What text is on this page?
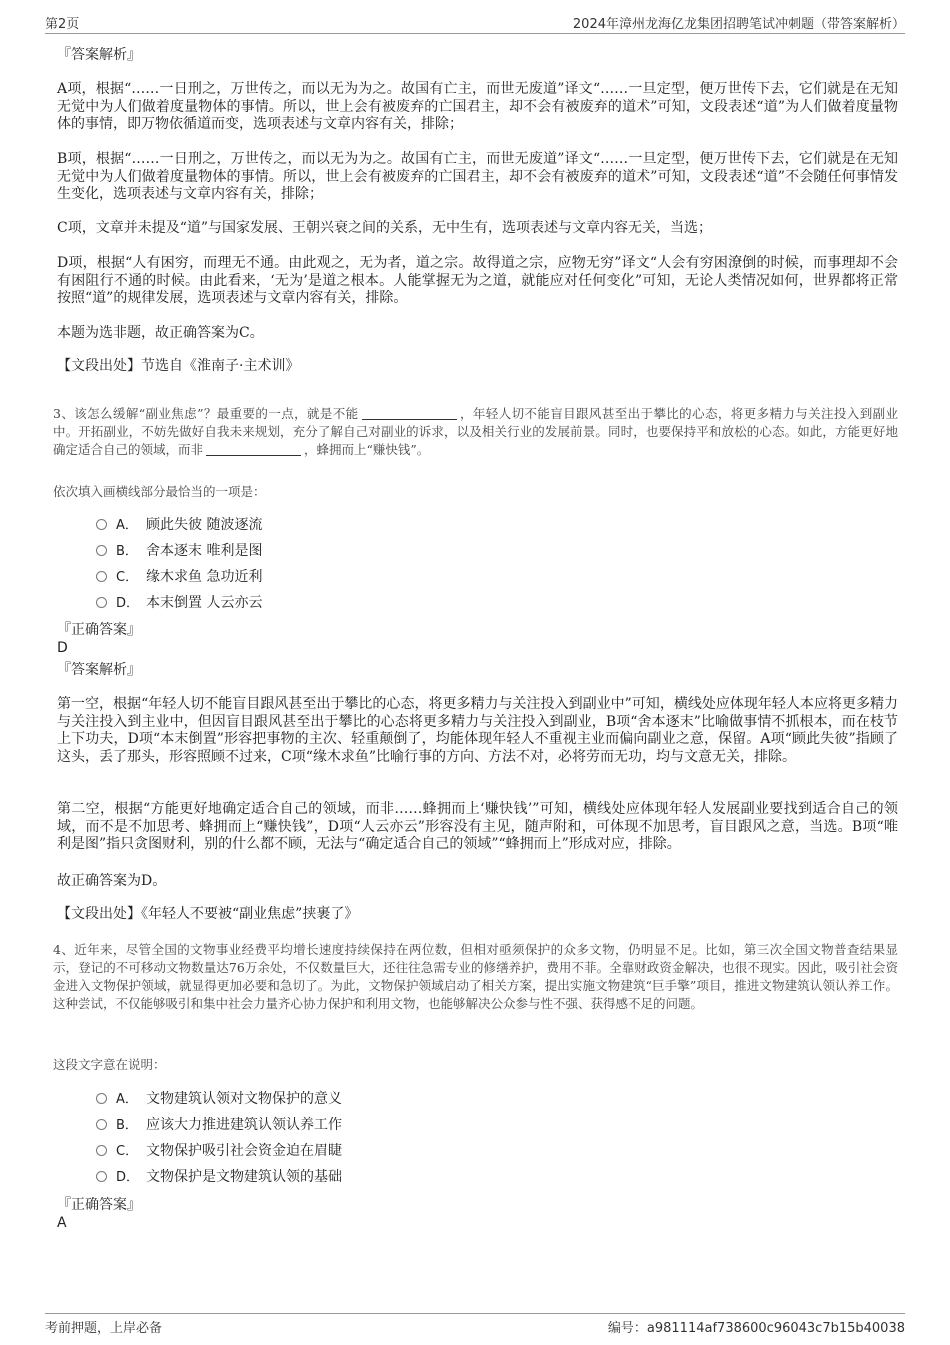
第2页	2024年漳州龙海亿龙集团招聘笔试冲刺题（带答案解析）
『答案解析』
A项，根据“……一日刑之，万世传之，而以无为为之。故国有亡主，而世无废道”译文“……一旦定型，便万世传下去，它们就是在无知无觉中为人们做着度量物体的事情。所以，世上会有被废弃的亡国君主，却不会有被废弃的道术”可知，文段表述“道”为人们做着度量物体的事情，即万物依循道而变，选项表述与文章内容有关，排除；
B项，根据“……一日刑之，万世传之，而以无为为之。故国有亡主，而世无废道”译文“……一旦定型，便万世传下去，它们就是在无知无觉中为人们做着度量物体的事情。所以，世上会有被废弃的亡国君主，却不会有被废弃的道术”可知，文段表述“道”不会随任何事情发生变化，选项表述与文章内容有关，排除；
C项，文章并未提及“道”与国家发展、王朝兴衰之间的关系，无中生有，选项表述与文章内容无关，当选；
D项，根据“人有困穷，而理无不通。由此观之，无为者，道之宗。故得道之宗，应物无穷”译文“人会有穷困潦倒的时候，而事理却不会有困阻行不通的时候。由此看来，‘无为’是道之根本。人能掌握无为之道，就能应对任何变化”可知，无论人类情况如何，世界都将正常按照“道”的规律发展，选项表述与文章内容有关，排除。
本题为选非题，故正确答案为C。
【文段出处】节选自《淮南子·主术训》
3、该怎么缓解“副业焦虑”？最重要的一点，就是不能	，年轻人切不能盲目跟风甚至出于攀比的心态，将更多精力与关注投入到副业中。开拓副业，不妨先做好自我未来规划，充分了解自己对副业的诉求，以及相关行业的发展前景。同时，也要保持平和放松的心态。如此，方能更好地确定适合自己的领域，而非	，蜂拥而上“赚快钱”。
依次填入画横线部分最恰当的一项是：
A． 顾此失彼 随波逐流
B． 舍本逐末 唯利是图
C． 缘木求鱼 急功近利
D． 本末倒置 人云亦云
『正确答案』
D
『答案解析』
第一空，根据“年轻人切不能盲目跟风甚至出于攀比的心态，将更多精力与关注投入到副业中”可知，横线处应体现年轻人本应将更多精力与关注投入到主业中，但因盲目跟风甚至出于攀比的心态将更多精力与关注投入到副业，B项“舍本逐末”比喻做事情不抓根本，而在枝节上下功夫，D项“本末倒置”形容把事物的主次、轻重颠倒了，均能体现年轻人不重视主业而偏向副业之意，保留。A项“顾此失彼”指顾了这头，丢了那头，形容照顾不过来，C项“缘木求鱼”比喻行事的方向、方法不对，必将劳而无功，均与文意无关，排除。
第二空，根据“方能更好地确定适合自己的领域，而非……蜂拥而上‘赚快钱’”可知，横线处应体现年轻人发展副业要找到适合自己的领域，而不是不加思考、蜂拥而上“赚快钱”，D项“人云亦云”形容没有主见，随声附和，可体现不加思考，盲目跟风之意，当选。B项“唯利是图”指只贪图财利，别的什么都不顾，无法与“确定适合自己的领域”“蜂拥而上”形成对应，排除。
故正确答案为D。
【文段出处】《年轻人不要被“副业焦虑”挟裹了》
4、近年来，尽管全国的文物事业经费平均增长速度持续保持在两位数，但相对亟须保护的众多文物，仍明显不足。比如，第三次全国文物普查结果显示，登记的不可移动文物数量达76万余处，不仅数量巨大，还往往急需专业的修缮养护，费用不菲。全靠财政资金解决，也很不现实。因此，吸引社会资金进入文物保护领域，就显得更加必要和急切了。为此，文物保护领域启动了相关方案，提出实施文物建筑“巨手擎”项目，推进文物建筑认领认养工作。这种尝试，不仅能够吸引和集中社会力量齐心协力保护和利用文物，也能够解决公众参与性不强、获得感不足的问题。
这段文字意在说明：
A． 文物建筑认领对文物保护的意义
B． 应该大力推进建筑认领认养工作
C． 文物保护吸引社会资金迫在眉睫
D． 文物保护是文物建筑认领的基础
『正确答案』
A
考前押题，上岸必备	编号：a981114af738600c96043c7b15b40038
